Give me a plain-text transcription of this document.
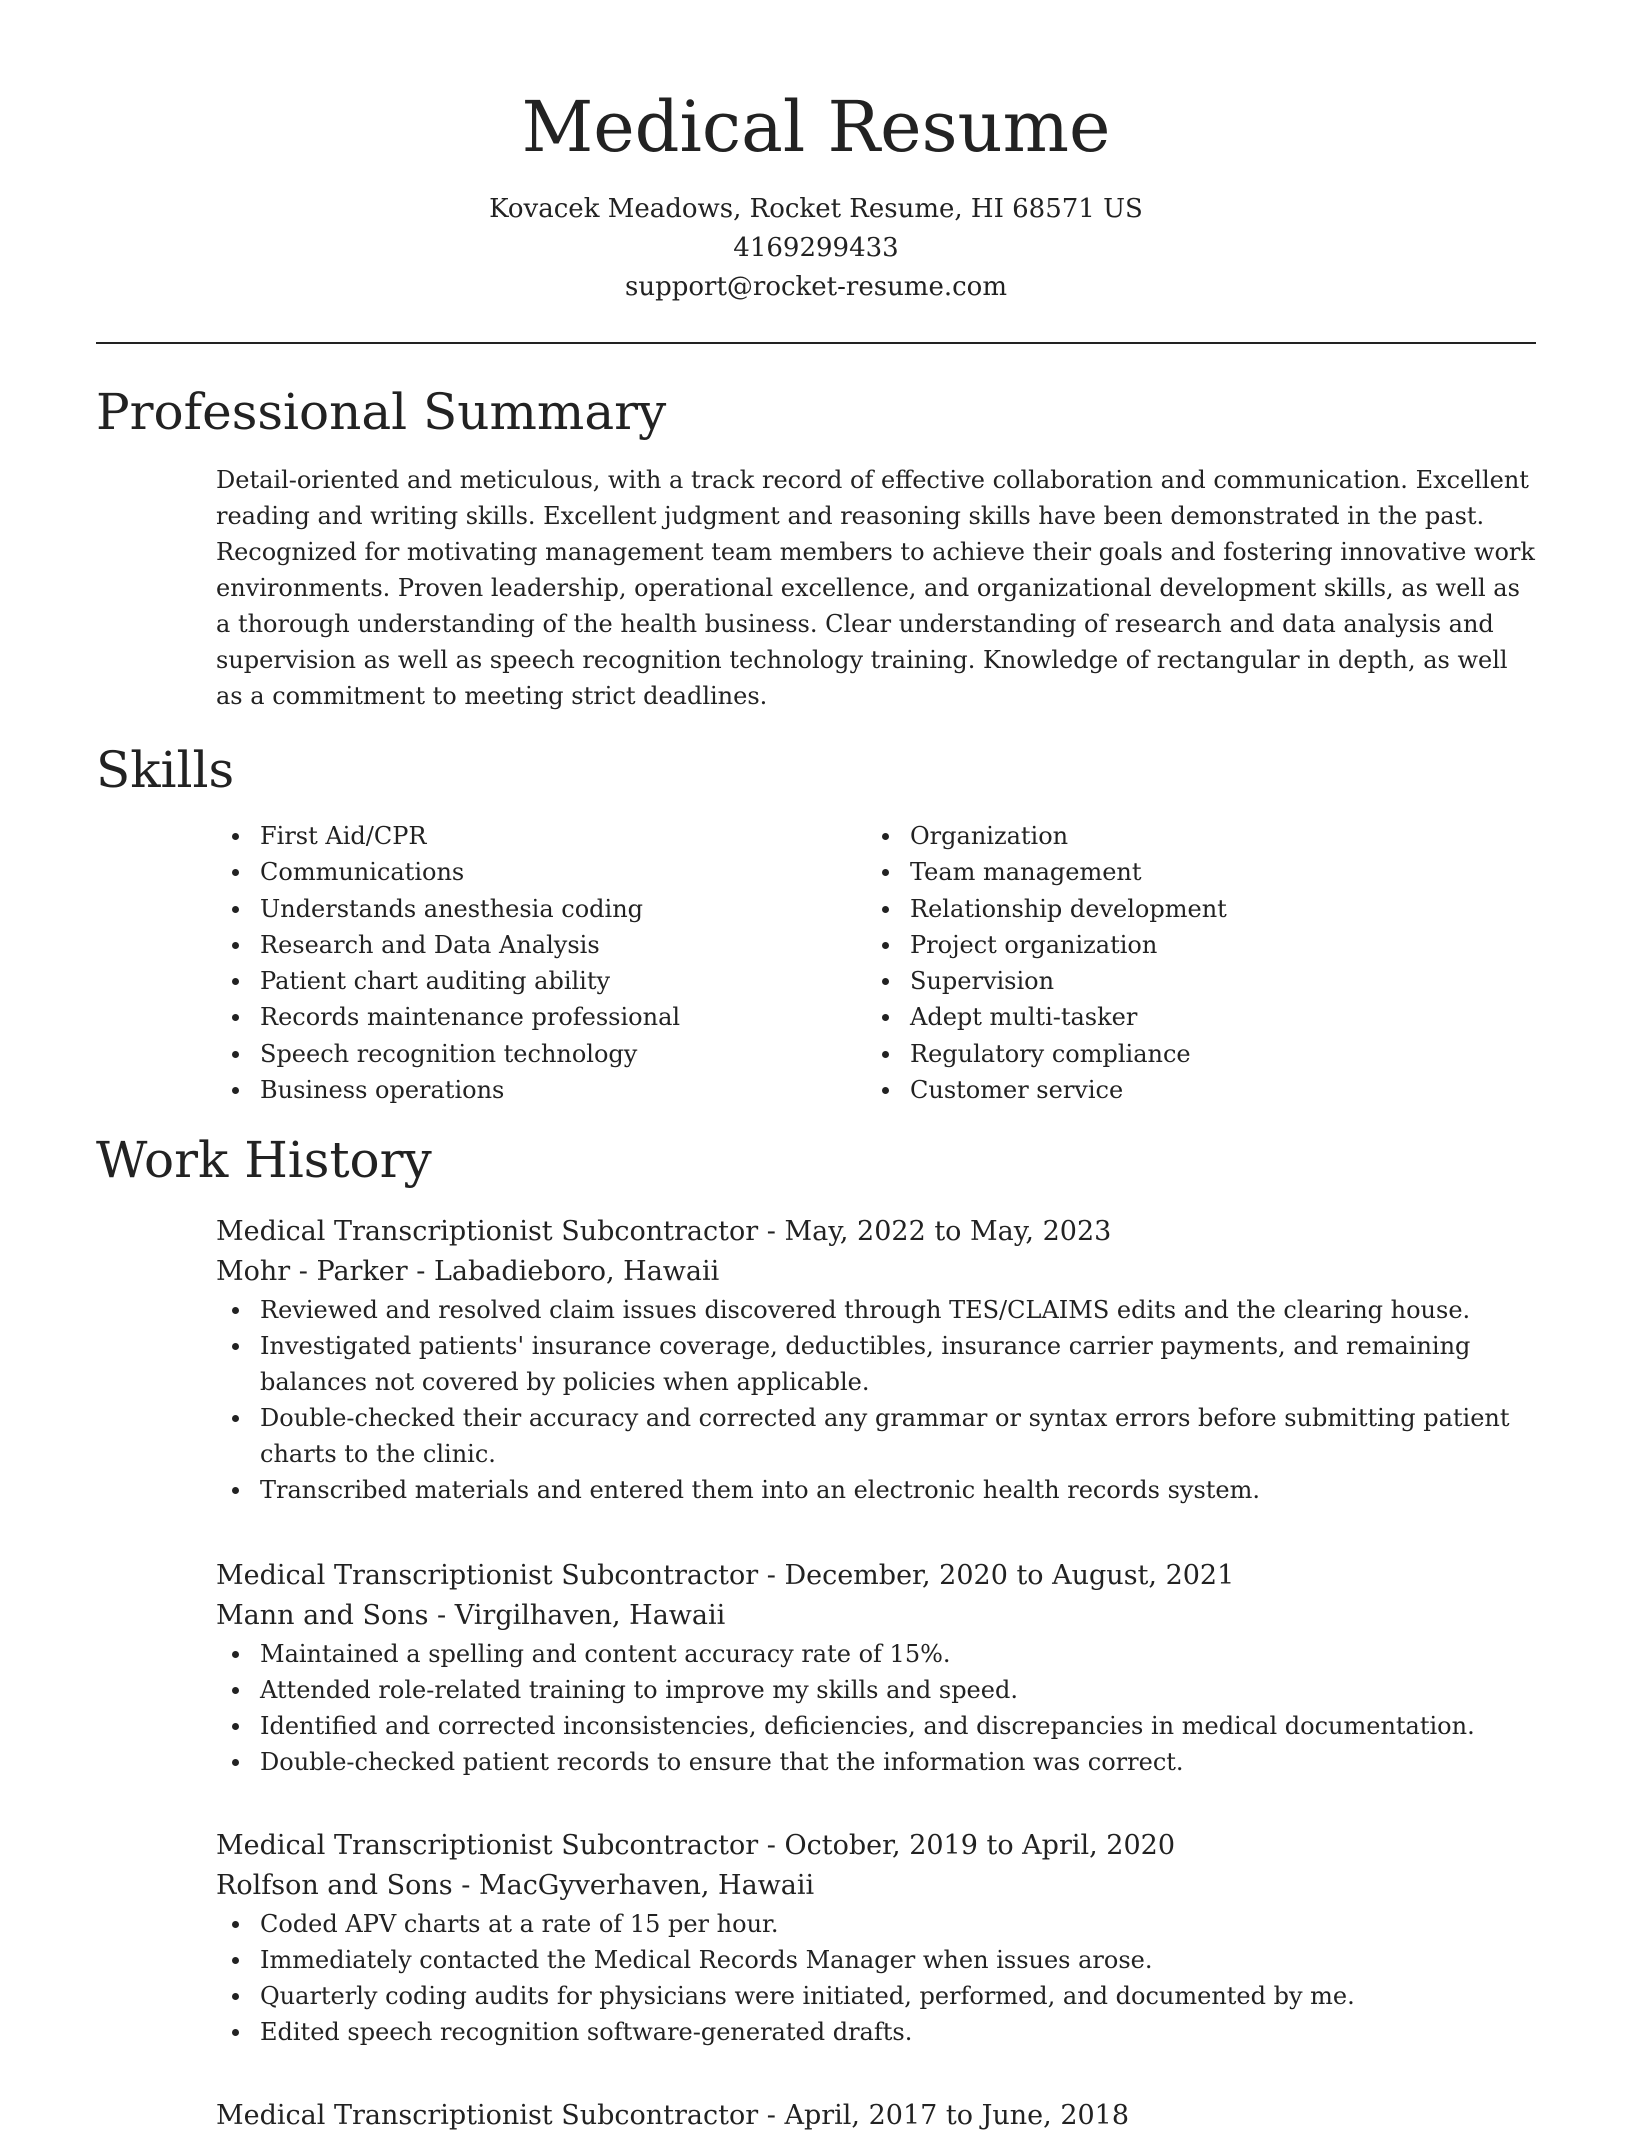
Medical Resume
Kovacek Meadows, Rocket Resume, HI 68571 US
4169299433
support@rocket-resume.com
Professional Summary

Detail-oriented and meticulous, with a track record of effective collaboration and communication. Excellent reading and writing skills. Excellent judgment and reasoning skills have been demonstrated in the past. Recognized for motivating management team members to achieve their goals and fostering innovative work environments. Proven leadership, operational excellence, and organizational development skills, as well as a thorough understanding of the health business. Clear understanding of research and data analysis and supervision as well as speech recognition technology training. Knowledge of rectangular in depth, as well as a commitment to meeting strict deadlines.

Skills
First Aid/CPR
Communications
Understands anesthesia coding
Research and Data Analysis
Patient chart auditing ability
Records maintenance professional
Speech recognition technology
Business operations
Organization
Team management
Relationship development
Project organization
Supervision
Adept multi-tasker
Regulatory compliance
Customer service
Work History

Medical Transcriptionist Subcontractor - May, 2022 to May, 2023

Mohr - Parker - Labadieboro, Hawaii

Reviewed and resolved claim issues discovered through TES/CLAIMS edits and the clearing house.
Investigated patients' insurance coverage, deductibles, insurance carrier payments, and remaining balances not covered by policies when applicable.
Double-checked their accuracy and corrected any grammar or syntax errors before submitting patient charts to the clinic.
Transcribed materials and entered them into an electronic health records system.

Medical Transcriptionist Subcontractor - December, 2020 to August, 2021

Mann and Sons - Virgilhaven, Hawaii

Maintained a spelling and content accuracy rate of 15%.
Attended role-related training to improve my skills and speed.
Identified and corrected inconsistencies, deficiencies, and discrepancies in medical documentation.
Double-checked patient records to ensure that the information was correct.

Medical Transcriptionist Subcontractor - October, 2019 to April, 2020

Rolfson and Sons - MacGyverhaven, Hawaii

Coded APV charts at a rate of 15 per hour.
Immediately contacted the Medical Records Manager when issues arose.
Quarterly coding audits for physicians were initiated, performed, and documented by me.
Edited speech recognition software-generated drafts.

Medical Transcriptionist Subcontractor - April, 2017 to June, 2018
